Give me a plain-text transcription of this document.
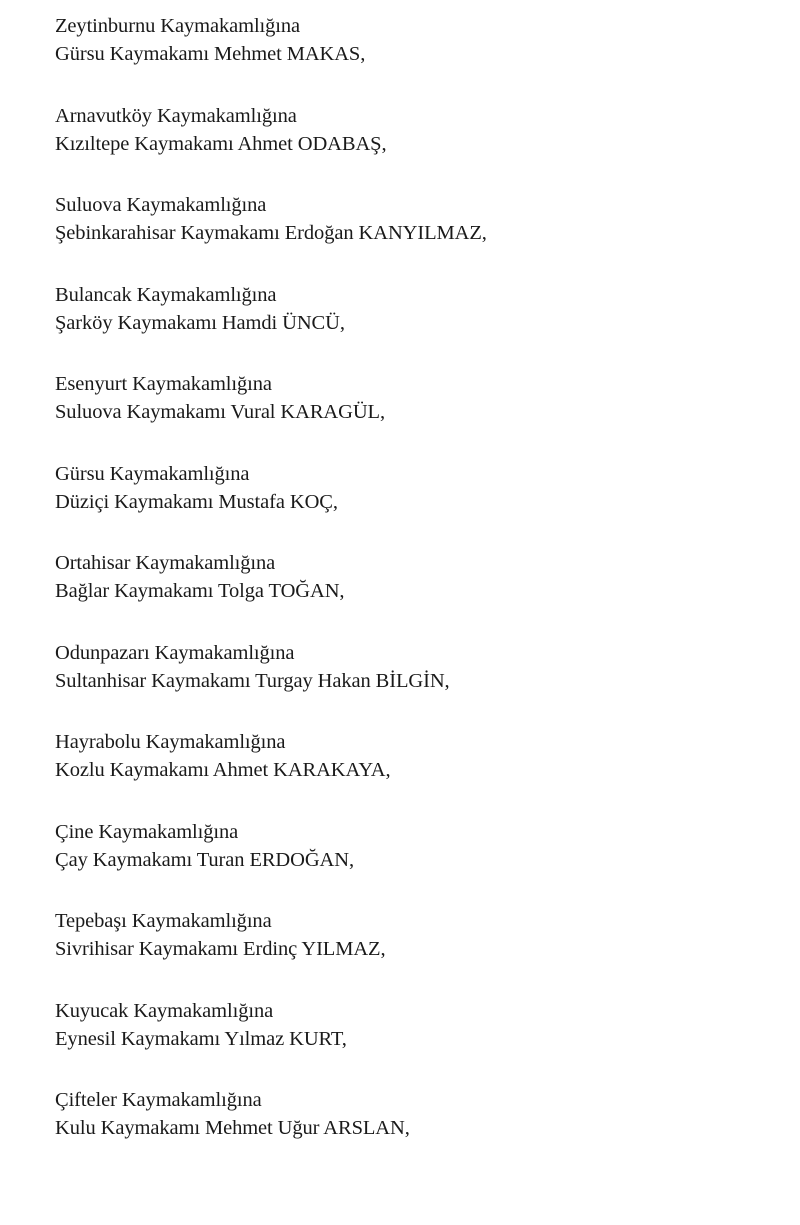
Zeytinburnu Kaymakamlığına
Gürsu Kaymakamı Mehmet MAKAS,
Arnavutköy Kaymakamlığına
Kızıltepe Kaymakamı Ahmet ODABAŞ,
Suluova Kaymakamlığına
Şebinkarahisar Kaymakamı Erdoğan KANYILMAZ,
Bulancak Kaymakamlığına
Şarköy Kaymakamı Hamdi ÜNCÜ,
Esenyurt Kaymakamlığına
Suluova Kaymakamı Vural KARAGÜL,
Gürsu Kaymakamlığına
Düziçi Kaymakamı Mustafa KOÇ,
Ortahisar Kaymakamlığına
Bağlar Kaymakamı Tolga TOĞAN,
Odunpazarı Kaymakamlığına
Sultanhisar Kaymakamı Turgay Hakan BİLGİN,
Hayrabolu Kaymakamlığına
Kozlu Kaymakamı Ahmet KARAKAYA,
Çine Kaymakamlığına
Çay Kaymakamı Turan ERDOĞAN,
Tepebaşı Kaymakamlığına
Sivrihisar Kaymakamı Erdinç YILMAZ,
Kuyucak Kaymakamlığına
Eynesil Kaymakamı Yılmaz KURT,
Çifteler Kaymakamlığına
Kulu Kaymakamı Mehmet Uğur ARSLAN,
